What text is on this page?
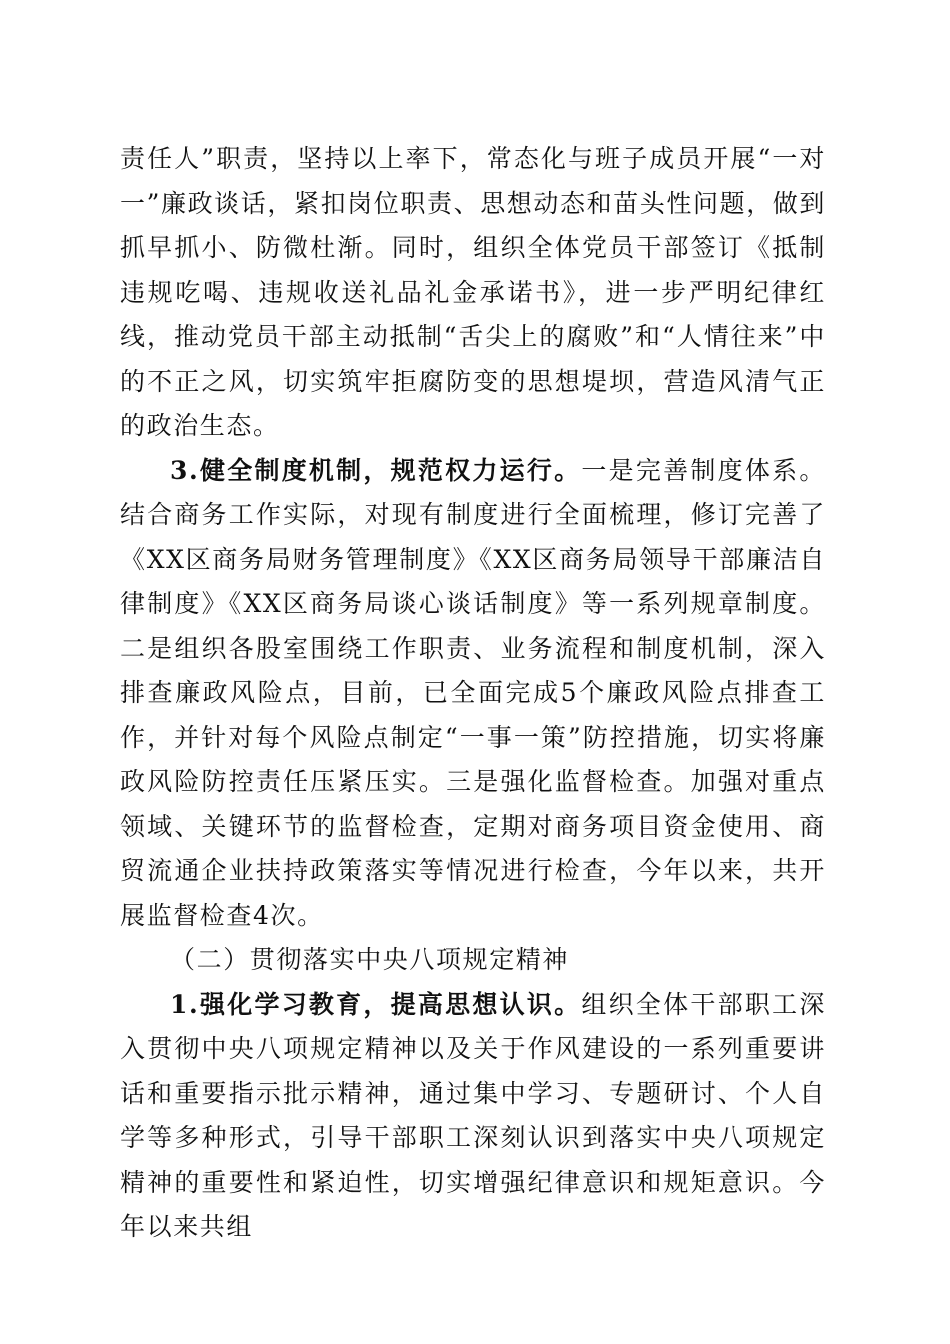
责任人”职责，坚持以上率下，常态化与班子成员开展“一对一”廉政谈话，紧扣岗位职责、思想动态和苗头性问题，做到抓早抓小、防微杜渐。同时，组织全体党员干部签订《抵制违规吃喝、违规收送礼品礼金承诺书》，进一步严明纪律红线，推动党员干部主动抵制“舌尖上的腐败”和“人情往来”中的不正之风，切实筑牢拒腐防变的思想堤坝，营造风清气正的政治生态。

3.健全制度机制，规范权力运行。一是完善制度体系。结合商务工作实际，对现有制度进行全面梳理，修订完善了《XX区商务局财务管理制度》《XX区商务局领导干部廉洁自律制度》《XX区商务局谈心谈话制度》等一系列规章制度。二是组织各股室围绕工作职责、业务流程和制度机制，深入排查廉政风险点，目前，已全面完成5个廉政风险点排查工作，并针对每个风险点制定“一事一策”防控措施，切实将廉政风险防控责任压紧压实。三是强化监督检查。加强对重点领域、关键环节的监督检查，定期对商务项目资金使用、商贸流通企业扶持政策落实等情况进行检查，今年以来，共开展监督检查4次。

（二）贯彻落实中央八项规定精神

1.强化学习教育，提高思想认识。组织全体干部职工深入贯彻中央八项规定精神以及关于作风建设的一系列重要讲话和重要指示批示精神，通过集中学习、专题研讨、个人自学等多种形式，引导干部职工深刻认识到落实中央八项规定精神的重要性和紧迫性，切实增强纪律意识和规矩意识。今年以来共组
